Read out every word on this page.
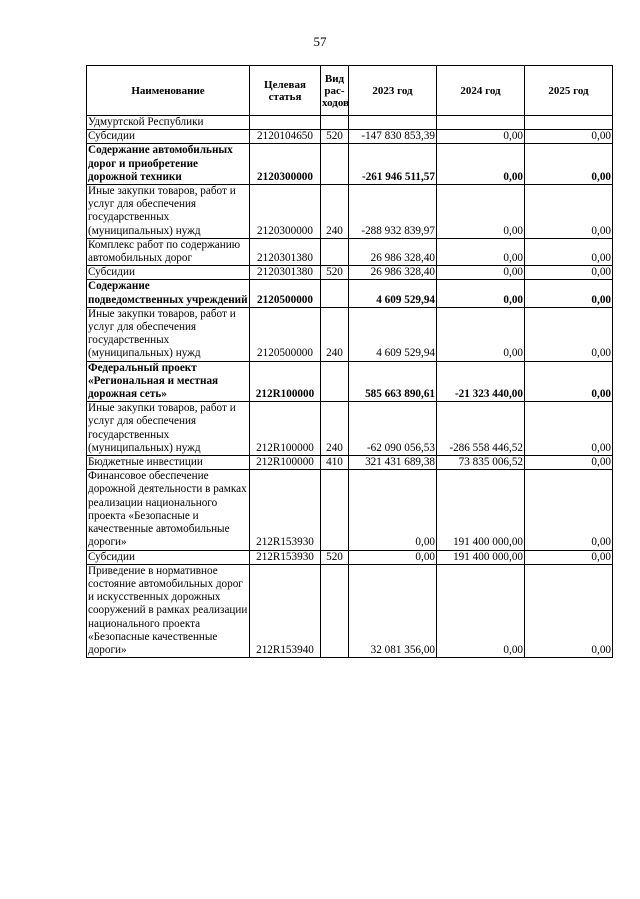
57
Наименование	Целевая статья	Вид рас-ходов	2023 год	2024 год	2025 год
Удмуртской Республики					
Субсидии	2120104650	520	-147 830 853,39	0,00	0,00
Содержание автомобильных дорог и приобретение дорожной техники	2120300000		-261 946 511,57	0,00	0,00
Иные закупки товаров, работ и услуг для обеспечения государственных (муниципальных) нужд	2120300000	240	-288 932 839,97	0,00	0,00
Комплекс работ по содержанию автомобильных дорог	2120301380		26 986 328,40	0,00	0,00
Субсидии	2120301380	520	26 986 328,40	0,00	0,00
Содержание подведомственных учреждений	2120500000		4 609 529,94	0,00	0,00
Иные закупки товаров, работ и услуг для обеспечения государственных (муниципальных) нужд	2120500000	240	4 609 529,94	0,00	0,00
Федеральный проект «Региональная и местная дорожная сеть»	212R100000		585 663 890,61	-21 323 440,00	0,00
Иные закупки товаров, работ и услуг для обеспечения государственных (муниципальных) нужд	212R100000	240	-62 090 056,53	-286 558 446,52	0,00
Бюджетные инвестиции	212R100000	410	321 431 689,38	73 835 006,52	0,00
Финансовое обеспечение дорожной деятельности в рамках реализации национального проекта «Безопасные и качественные автомобильные дороги»	212R153930		0,00	191 400 000,00	0,00
Субсидии	212R153930	520	0,00	191 400 000,00	0,00
Приведение в нормативное состояние автомобильных дорог и искусственных дорожных сооружений в рамках реализации национального проекта «Безопасные качественные дороги»	212R153940		32 081 356,00	0,00	0,00
